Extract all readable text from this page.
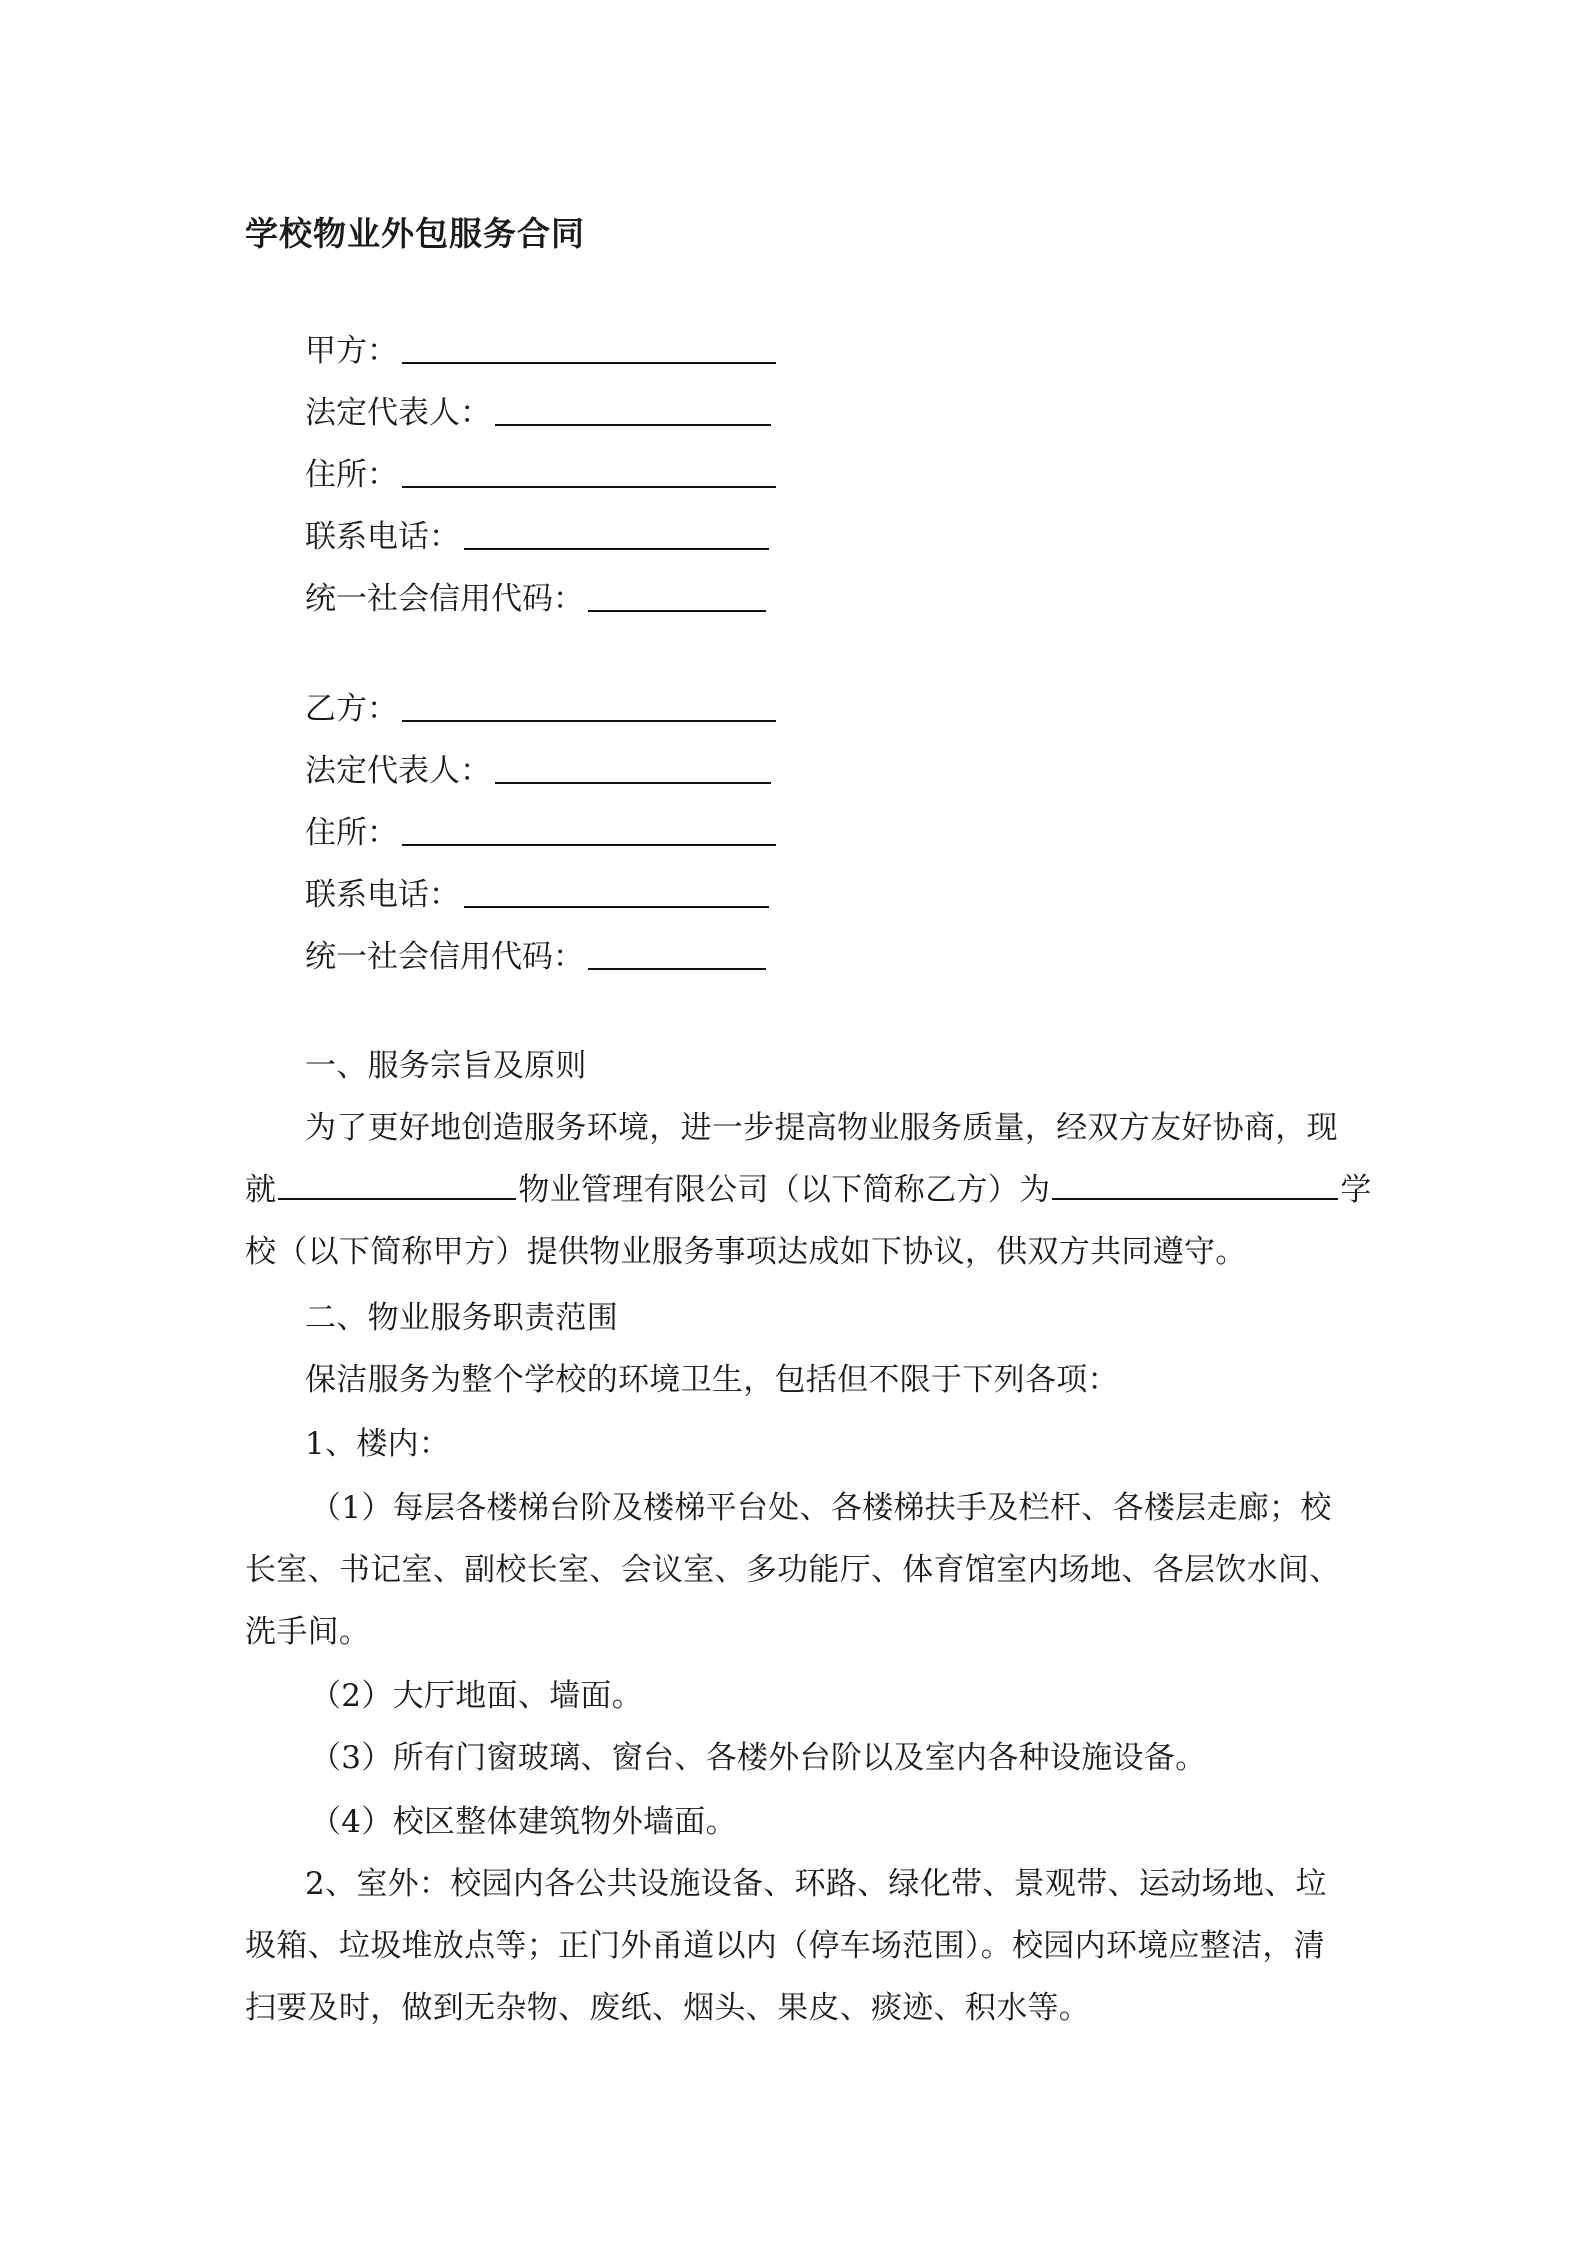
学校物业外包服务合同
甲方：
法定代表人：
住所：
联系电话：
统一社会信用代码：
乙方：
法定代表人：
住所：
联系电话：
统一社会信用代码：
一、服务宗旨及原则
为了更好地创造服务环境，进一步提高物业服务质量，经双方友好协商，现
就	物业管理有限公司（以下简称乙方）为	学
校（以下简称甲方）提供物业服务事项达成如下协议，供双方共同遵守。
二、物业服务职责范围
保洁服务为整个学校的环境卫生，包括但不限于下列各项：
1、楼内：
（1）每层各楼梯台阶及楼梯平台处、各楼梯扶手及栏杆、各楼层走廊；校
长室、书记室、副校长室、会议室、多功能厅、体育馆室内场地、各层饮水间、
洗手间。
（2）大厅地面、墙面。
（3）所有门窗玻璃、窗台、各楼外台阶以及室内各种设施设备。
（4）校区整体建筑物外墙面。
2、室外：校园内各公共设施设备、环路、绿化带、景观带、运动场地、垃
圾箱、垃圾堆放点等；正门外甬道以内（停车场范围）。校园内环境应整洁，清
扫要及时，做到无杂物、废纸、烟头、果皮、痰迹、积水等。
